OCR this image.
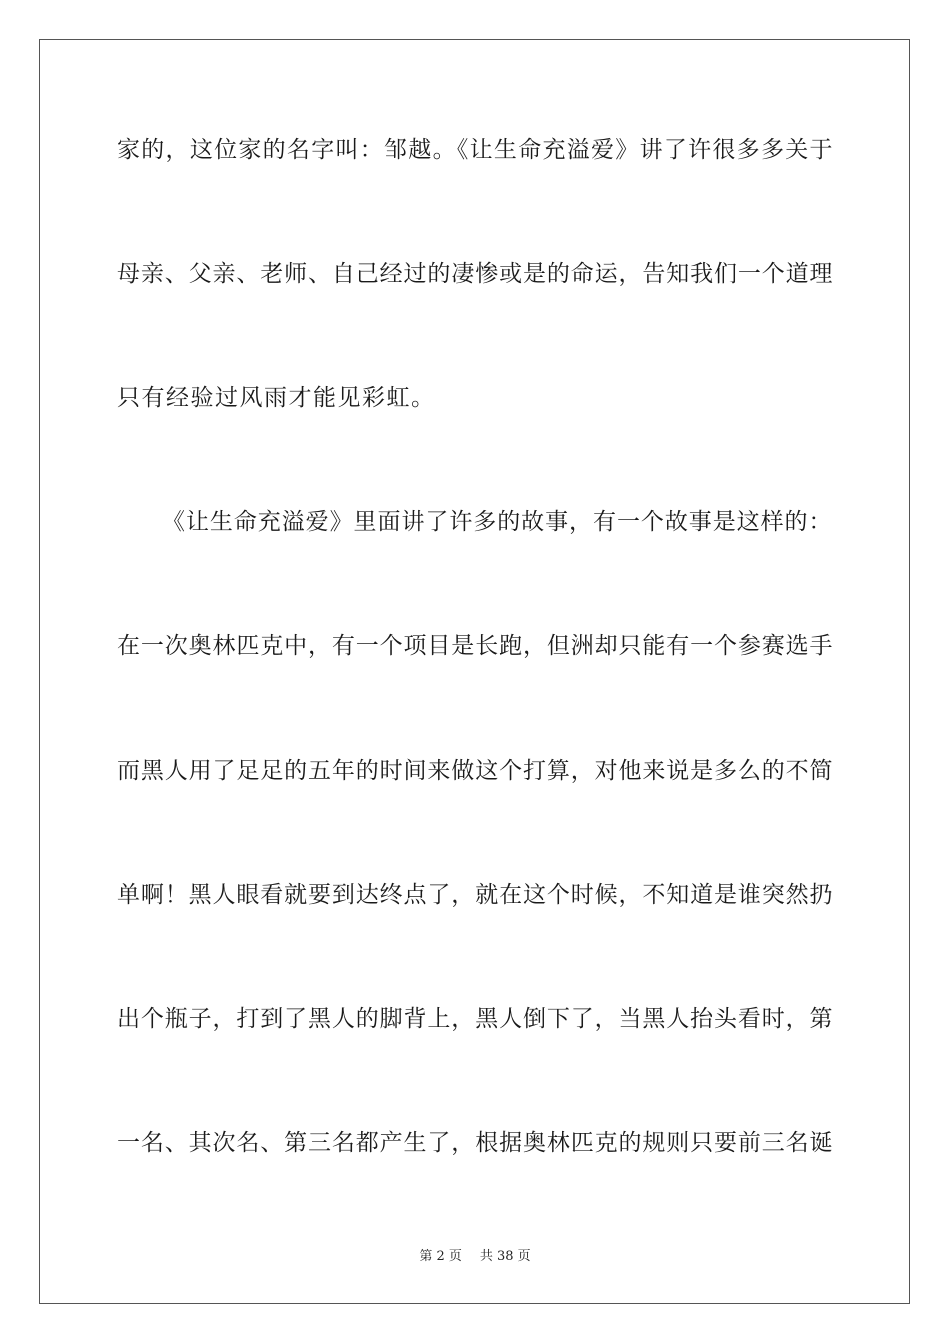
家的，这位家的名字叫：邹越。《让生命充溢爱》讲了许很多多关于
母亲、父亲、老师、自己经过的凄惨或是的命运，告知我们一个道理
只有经验过风雨才能见彩虹。
《让生命充溢爱》里面讲了许多的故事，有一个故事是这样的：
在一次奥林匹克中，有一个项目是长跑，但洲却只能有一个参赛选手
而黑人用了足足的五年的时间来做这个打算，对他来说是多么的不简
单啊！黑人眼看就要到达终点了，就在这个时候，不知道是谁突然扔
出个瓶子，打到了黑人的脚背上，黑人倒下了，当黑人抬头看时，第
一名、其次名、第三名都产生了，根据奥林匹克的规则只要前三名诞
第 2 页 共 38 页
